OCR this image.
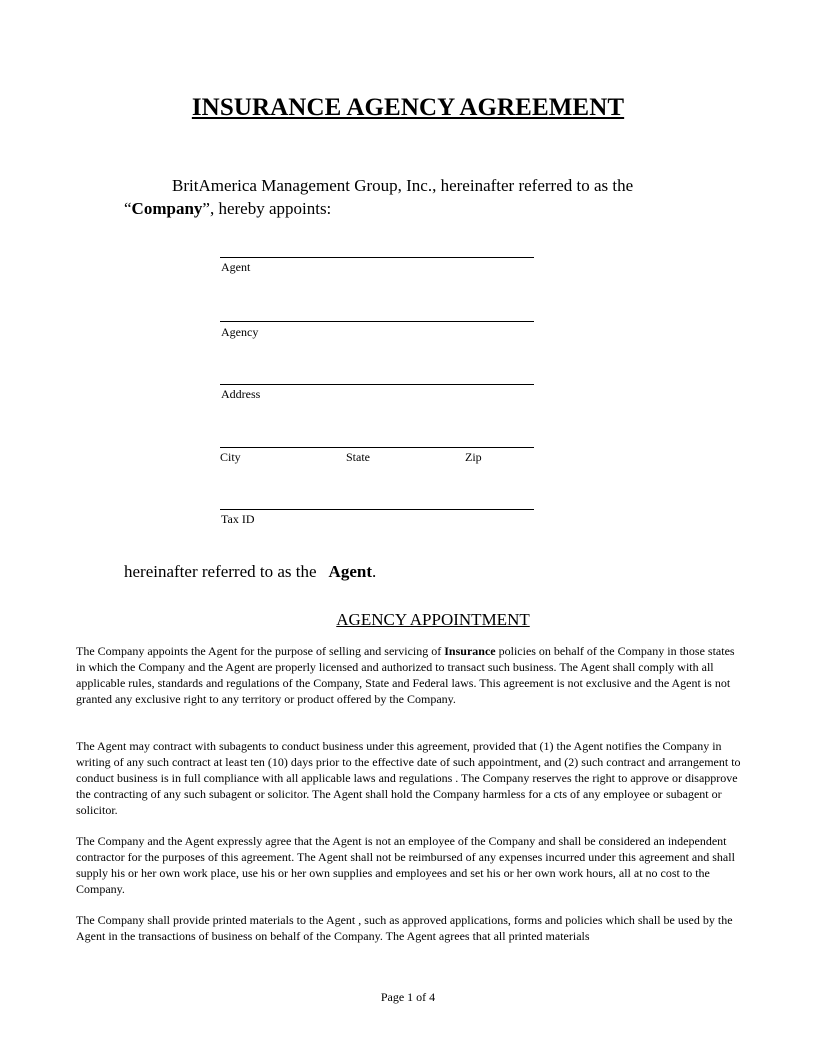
INSURANCE AGENCY AGREEMENT
BritAmerica Management Group, Inc., hereinafter referred to as the
“Company”, hereby appoints:
Agent
Agency
Address
City	State	Zip
Tax ID
hereinafter referred to as the Agent.
AGENCY APPOINTMENT

The Company appoints the Agent for the purpose of selling and servicing of Insurance policies on behalf of the Company in those states in which the Company and the Agent are properly licensed and authorized to transact such business. The Agent shall comply with all applicable rules, standards and regulations of the Company, State and Federal laws. This agreement is not exclusive and the Agent is not granted any exclusive right to any territory or product offered by the Company.

The Agent may contract with subagents to conduct business under this agreement, provided that (1) the Agent notifies the Company in writing of any such contract at least ten (10) days prior to the effective date of such appointment, and (2) such contract and arrangement to conduct business is in full compliance with all applicable laws and regulations . The Company reserves the right to approve or disapprove the contracting of any such subagent or solicitor. The Agent shall hold the Company harmless for a cts of any employee or subagent or solicitor.

The Company and the Agent expressly agree that the Agent is not an employee of the Company and shall be considered an independent contractor for the purposes of this agreement. The Agent shall not be reimbursed of any expenses incurred under this agreement and shall supply his or her own work place, use his or her own supplies and employees and set his or her own work hours, all at no cost to the Company.

The Company shall provide printed materials to the Agent , such as approved applications, forms and policies which shall be used by the Agent in the transactions of business on behalf of the Company. The Agent agrees that all printed materials

Page 1 of 4
